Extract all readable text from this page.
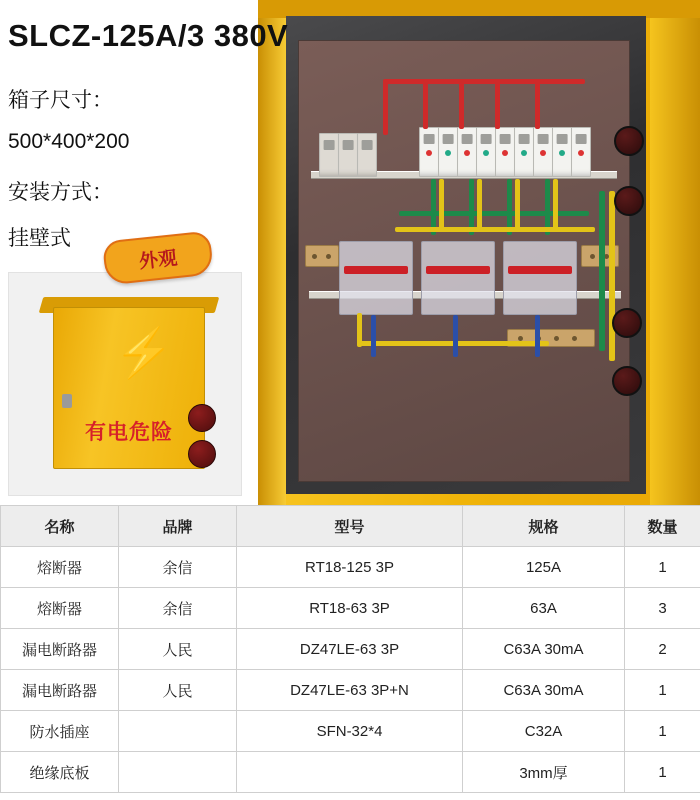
SLCZ-125A/3 380V
箱子尺寸：
500*400*200
安装方式：
挂壁式
⚡
有电危险
外观
名称	品牌	型号	规格	数量
熔断器	余信	RT18-125 3P	125A	1
熔断器	余信	RT18-63 3P	63A	3
漏电断路器	人民	DZ47LE-63 3P	C63A 30mA	2
漏电断路器	人民	DZ47LE-63 3P+N	C63A 30mA	1
防水插座		SFN-32*4	C32A	1
绝缘底板			3mm厚	1
